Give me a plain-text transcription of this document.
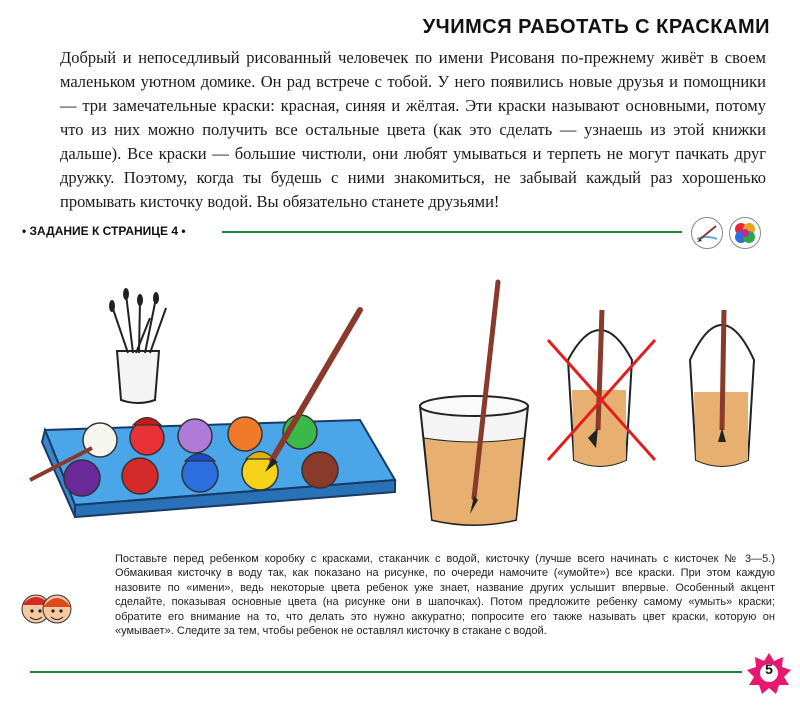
УЧИМСЯ РАБОТАТЬ С КРАСКАМИ
Добрый и непоседливый рисованный человечек по имени Рисованя по-прежнему живёт в своем маленьком уютном домике. Он рад встрече с тобой. У него появились новые друзья и помощники — три замечательные краски: красная, синяя и жёлтая. Эти краски называют основными, потому что из них можно получить все остальные цвета (как это сделать — узнаешь из этой книжки дальше). Все краски — большие чистюли, они любят умываться и терпеть не могут пачкать друг дружку. Поэтому, когда ты будешь с ними знакомиться, не забывай каждый раз хорошенько промывать кисточку водой. Вы обязательно станете друзьями!
• ЗАДАНИЕ К СТРАНИЦЕ 4 •
Поставьте перед ребенком коробку с красками, стаканчик с водой, кисточку (лучше всего начинать с кисточек № 3—5.) Обмакивая кисточку в воду так, как показано на рисунке, по очереди намочите («умойте») все краски. При этом каждую назовите по «имени», ведь некоторые цвета ребенок уже знает, название других услышит впервые. Особенный акцент сделайте, показывая основные цвета (на рисунке они в шапочках). Потом предложите ребенку самому «умыть» краски; обратите его внимание на то, что делать это нужно аккуратно; попросите его также называть цвет краски, которую он «умывает». Следите за тем, чтобы ребенок не оставлял кисточку в стакане с водой.
5
